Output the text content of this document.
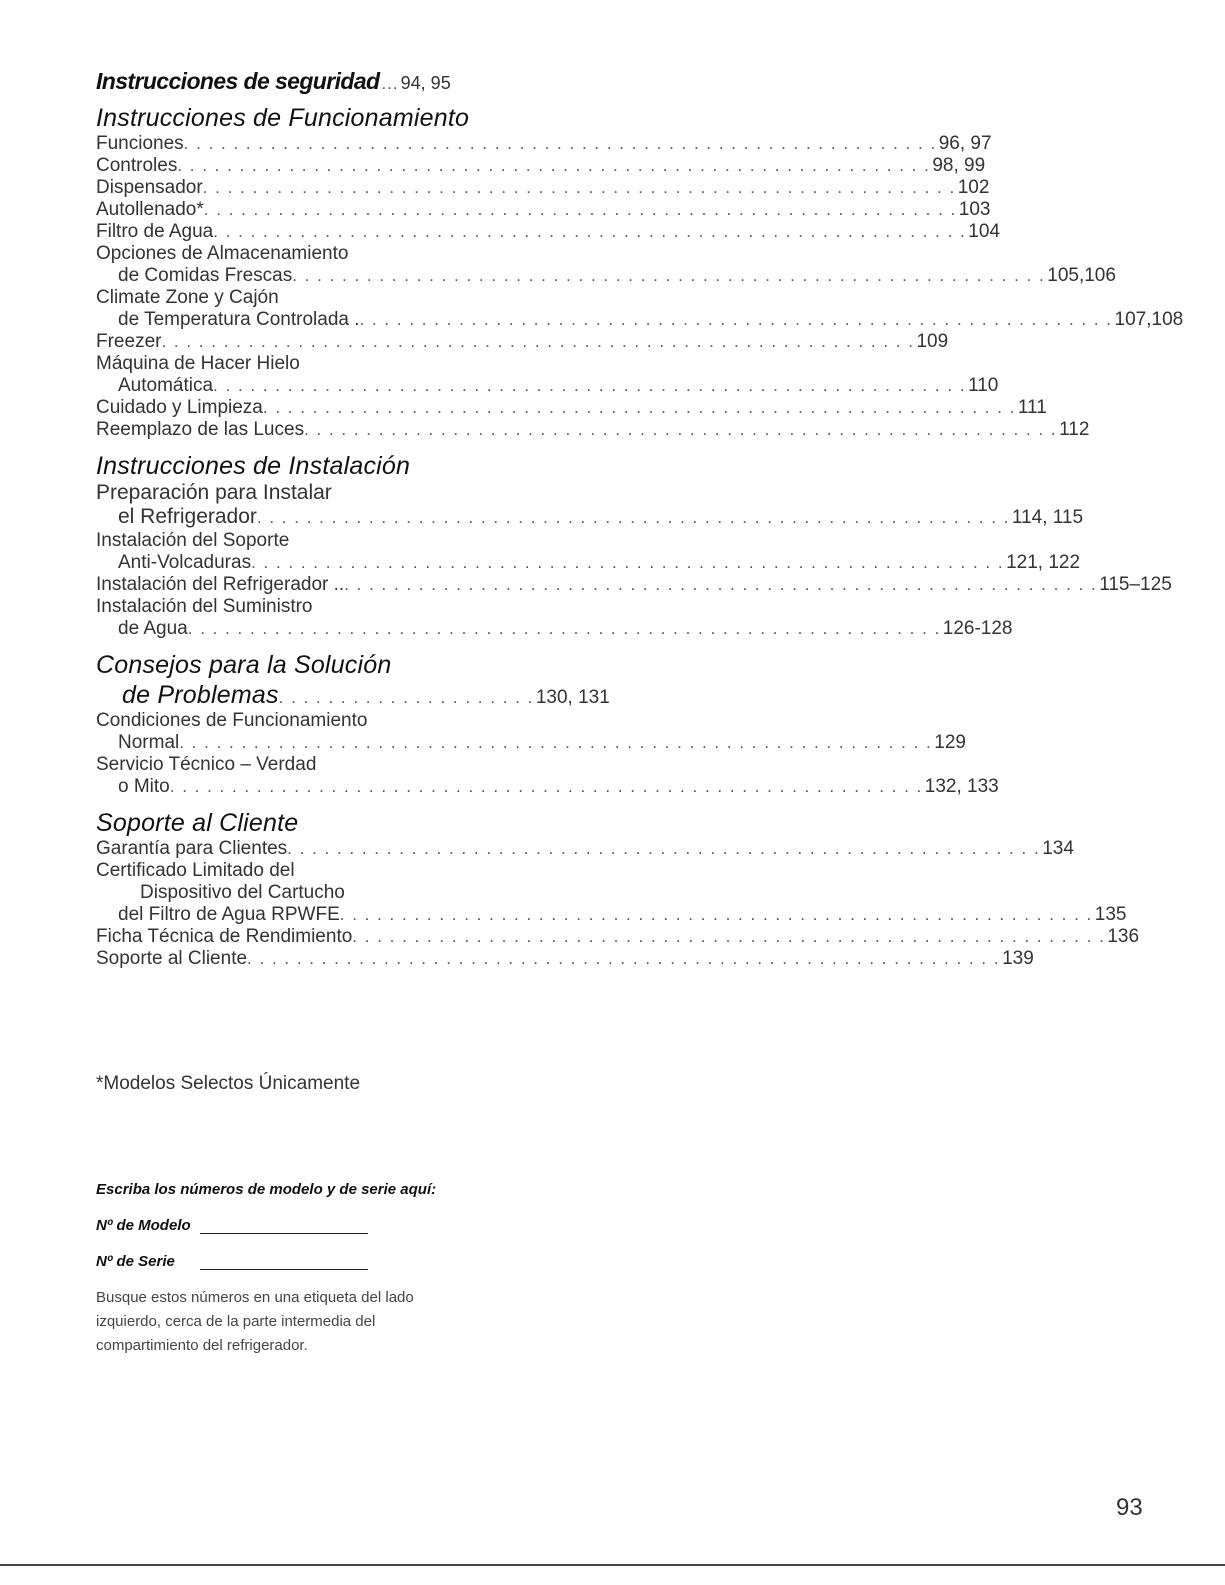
Instrucciones de seguridad ... 94, 95
Instrucciones de Funcionamiento
Funciones . . .	96, 97
Controles . . .	98, 99
Dispensador . . .	102
Autollenado* . . .	103
Filtro de Agua . . .	104
Opciones de Almacenamiento
de Comidas Frescas . . .	105,106
Climate Zone y Cajón
de Temperatura Controlada . . . .	107,108
Freezer . . .	109
Máquina de Hacer Hielo
Automática . . .	110
Cuidado y Limpieza . . .	111
Reemplazo de las Luces . . .	112
Instrucciones de Instalación
Preparación para Instalar
el Refrigerador . . .	114, 115
Instalación del Soporte
Anti-Volcaduras . . .	121, 122
Instalación del Refrigerador .. . . .	115–125
Instalación del Suministro
de Agua . . .	126-128
Consejos para la Solución
de Problemas . . . . . . . . . . . . . . . . . . . . . 130, 131
Condiciones de Funcionamiento
Normal . . .	129
Servicio Técnico – Verdad
o Mito . . .	132, 133
Soporte al Cliente
Garantía para Clientes . . .	134
Certificado Limitado del
Dispositivo del Cartucho
del Filtro de Agua RPWFE . . .	135
Ficha Técnica de Rendimiento . . .	136
Soporte al Cliente . . .	139
*Modelos Selectos Únicamente
Escriba los números de modelo y de serie aquí:
Nº de Modelo
Nº de Serie
Busque estos números en una etiqueta del lado izquierdo, cerca de la parte intermedia del compartimiento del refrigerador.
93
